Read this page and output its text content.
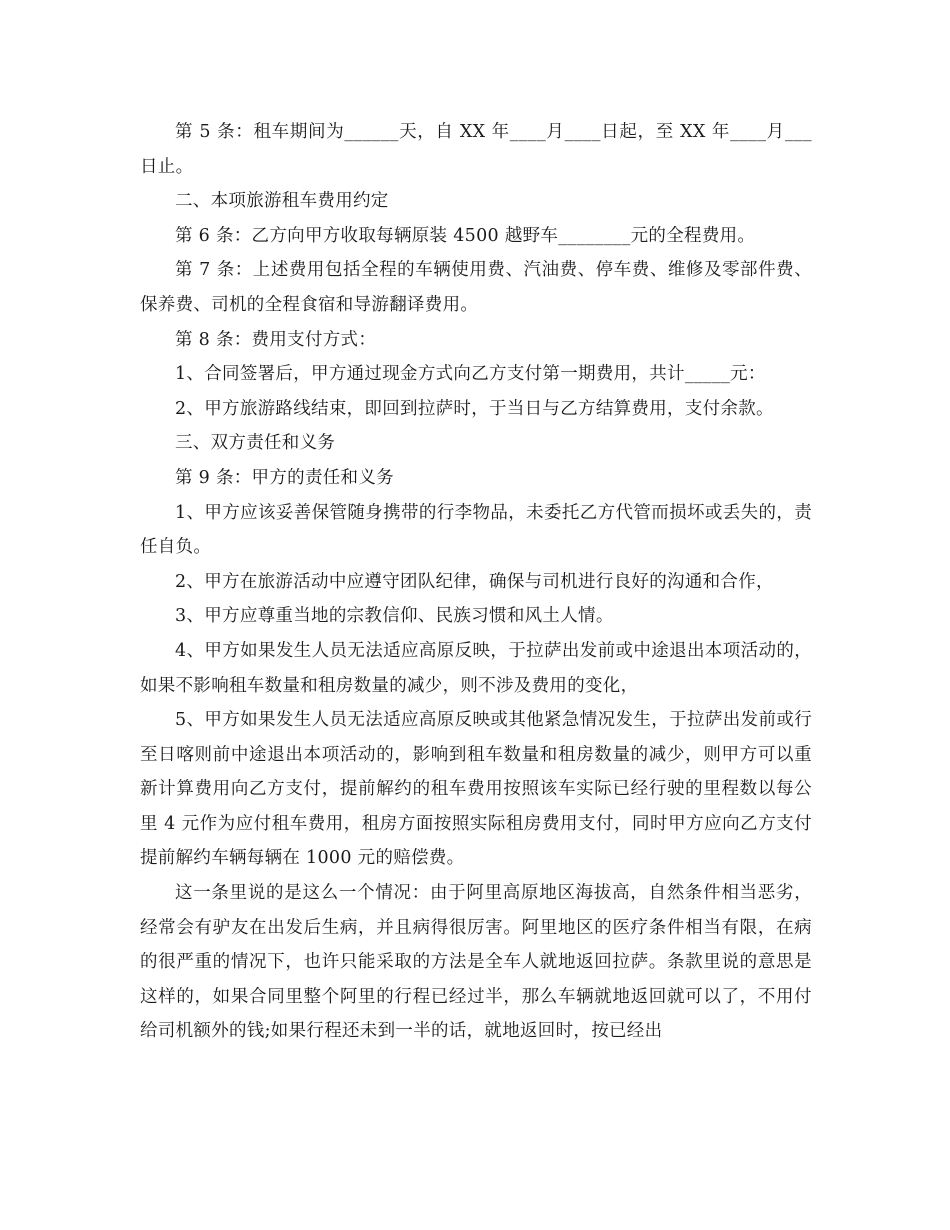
第 5 条：租车期间为______天，自 XX 年____月____日起，至 XX 年____月___日止。

二、本项旅游租车费用约定

第 6 条：乙方向甲方收取每辆原装 4500 越野车________元的全程费用。

第 7 条：上述费用包括全程的车辆使用费、汽油费、停车费、维修及零部件费、保养费、司机的全程食宿和导游翻译费用。

第 8 条：费用支付方式：

1、合同签署后，甲方通过现金方式向乙方支付第一期费用，共计_____元：

2、甲方旅游路线结束，即回到拉萨时，于当日与乙方结算费用，支付余款。

三、双方责任和义务

第 9 条：甲方的责任和义务

1、甲方应该妥善保管随身携带的行李物品，未委托乙方代管而损坏或丢失的，责任自负。

2、甲方在旅游活动中应遵守团队纪律，确保与司机进行良好的沟通和合作，

3、甲方应尊重当地的宗教信仰、民族习惯和风土人情。

4、甲方如果发生人员无法适应高原反映，于拉萨出发前或中途退出本项活动的，如果不影响租车数量和租房数量的减少，则不涉及费用的变化，

5、甲方如果发生人员无法适应高原反映或其他紧急情况发生，于拉萨出发前或行至日喀则前中途退出本项活动的，影响到租车数量和租房数量的减少，则甲方可以重新计算费用向乙方支付，提前解约的租车费用按照该车实际已经行驶的里程数以每公里 4 元作为应付租车费用，租房方面按照实际租房费用支付，同时甲方应向乙方支付提前解约车辆每辆在 1000 元的赔偿费。

这一条里说的是这么一个情况：由于阿里高原地区海拔高，自然条件相当恶劣，经常会有驴友在出发后生病，并且病得很厉害。阿里地区的医疗条件相当有限，在病的很严重的情况下，也许只能采取的方法是全车人就地返回拉萨。条款里说的意思是这样的，如果合同里整个阿里的行程已经过半，那么车辆就地返回就可以了，不用付给司机额外的钱;如果行程还未到一半的话，就地返回时，按已经出
